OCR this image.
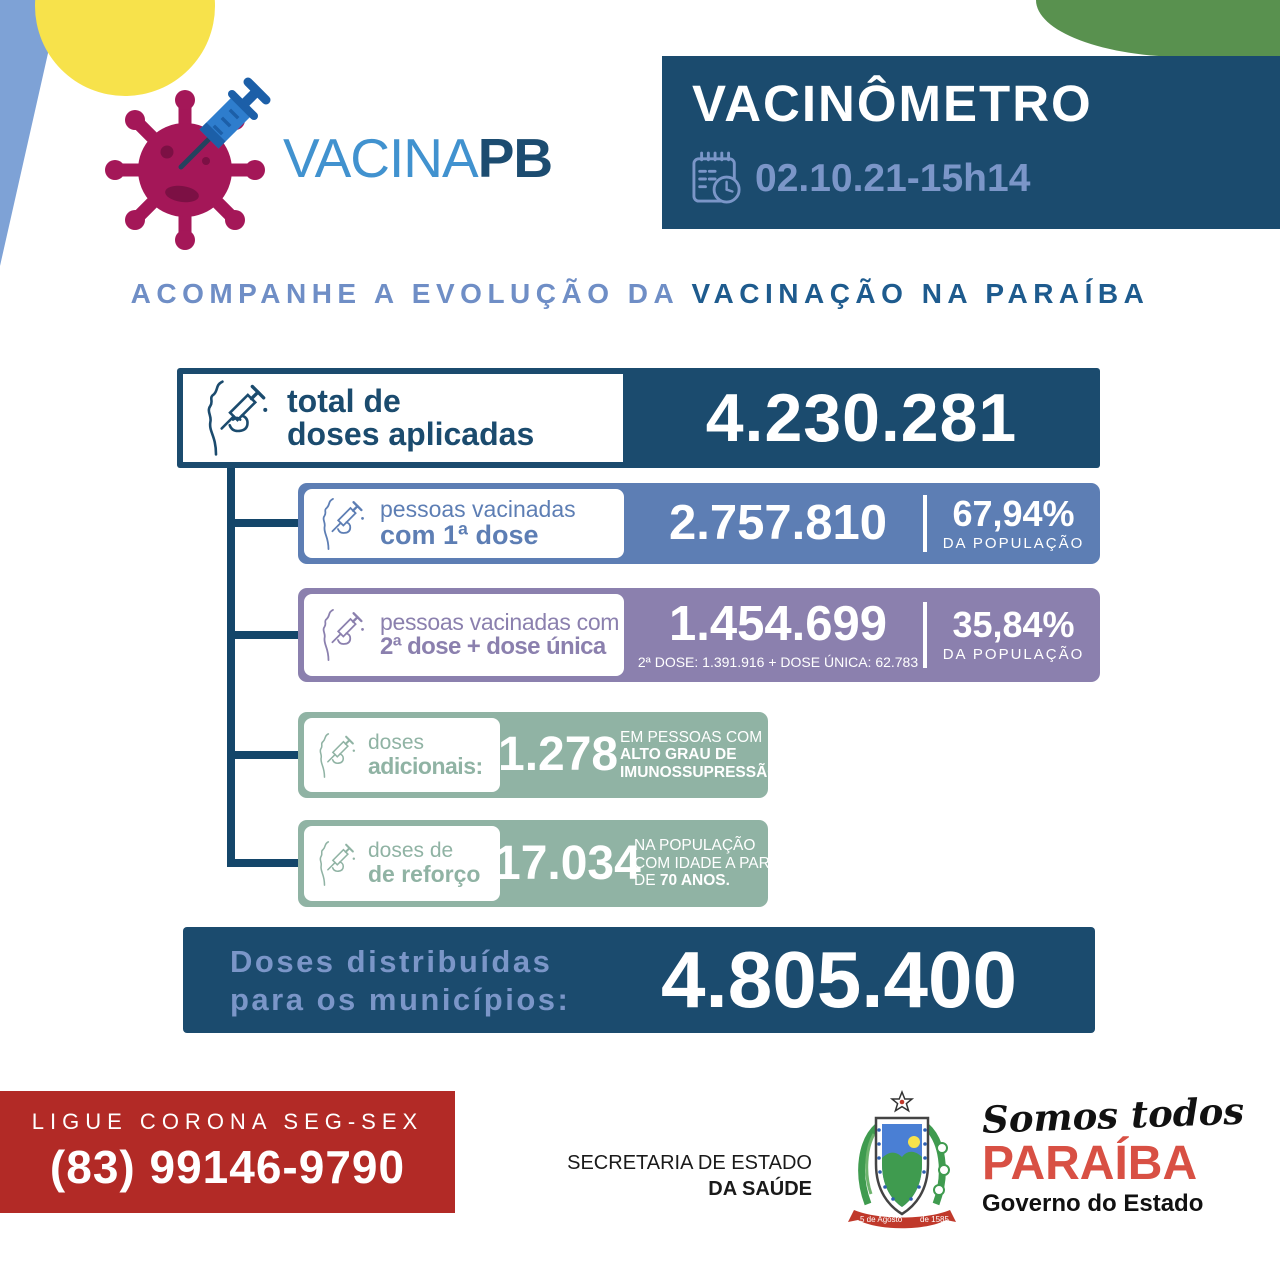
VACINAPB
VACINÔMETRO
02.10.21-15h14
ACOMPANHE A EVOLUÇÃO DA VACINAÇÃO NA PARAÍBA
total de
doses aplicadas	4.230.281
pessoas vacinadas
com 1ª dose	2.757.810	67,94%
DA POPULAÇÃO
pessoas vacinadas com
2ª dose + dose única 1.454.699
2ª DOSE: 1.391.916 + DOSE ÚNICA: 62.783
35,84%
DA POPULAÇÃO
doses
adicionais: 1.278 EM PESSOAS COM
ALTO GRAU DE
IMUNOSSUPRESSÃO
doses de
de reforço 17.034
NA POPULAÇÃO
COM IDADE A PARTIR
DE 70 ANOS.
Doses distribuídas
para os municípios:	4.805.400
LIGUE CORONA SEG-SEX
(83) 99146-9790	SECRETARIA DE ESTADO
DA SAÚDE
5 de Agosto de 1585
Somos todos
PARAÍBA
Governo do Estado
